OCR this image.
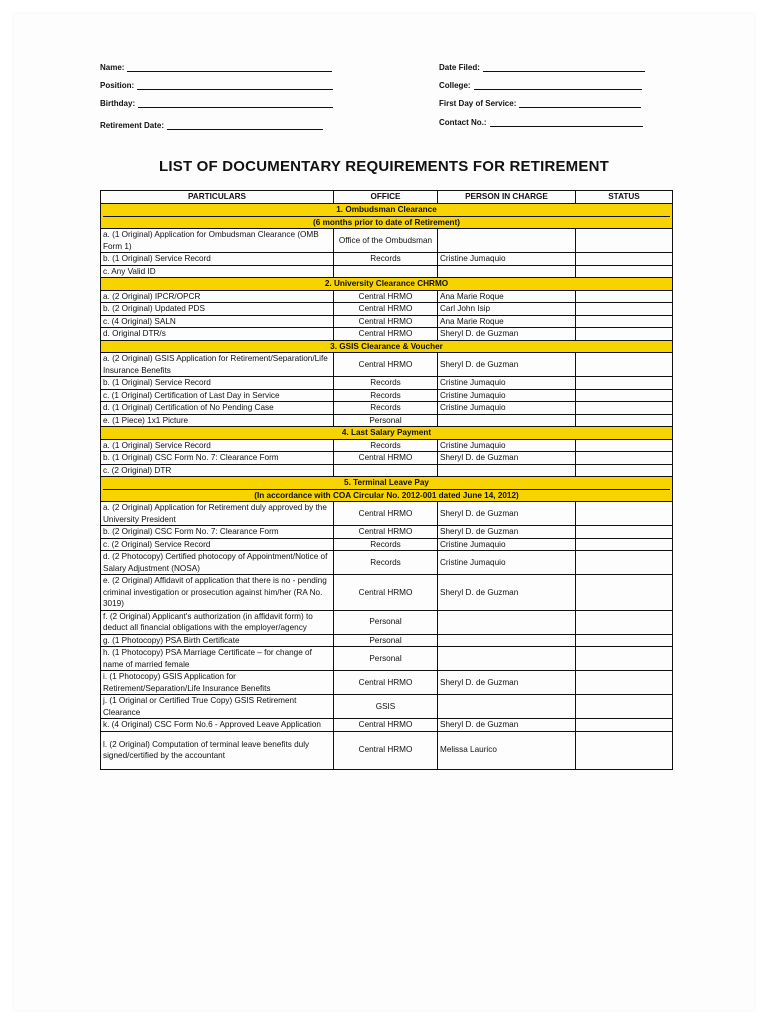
Name:
Position:
Birthday:
Retirement Date:
Date Filed:
College:
First Day of Service:
Contact No.:
LIST OF DOCUMENTARY REQUIREMENTS FOR RETIREMENT
PARTICULARS	OFFICE	PERSON IN CHARGE	STATUS

1. Ombudsman Clearance
(6 months prior to date of Retirement)			

a. (1 Original) Application for Ombudsman Clearance (OMB Form 1)	Office of the Ombudsman		
b. (1 Original) Service Record	Records	Cristine Jumaquio	
c. Any Valid ID			

2. University Clearance CHRMO			

a. (2 Original) IPCR/OPCR	Central HRMO	Ana Marie Roque	
b. (2 Original) Updated PDS	Central HRMO	Carl John Isip	
c. (4 Original) SALN	Central HRMO	Ana Marie Roque	
d. Original DTR/s	Central HRMO	Sheryl D. de Guzman	

3. GSIS Clearance & Voucher			

a. (2 Original) GSIS Application for Retirement/Separation/Life Insurance Benefits	Central HRMO	Sheryl D. de Guzman	
b. (1 Original) Service Record	Records	Cristine Jumaquio	
c. (1 Original) Certification of Last Day in Service	Records	Cristine Jumaquio	
d. (1 Original) Certification of No Pending Case	Records	Cristine Jumaquio	
e. (1 Piece) 1x1 Picture	Personal		

4. Last Salary Payment			

a. (1 Original) Service Record	Records	Cristine Jumaquio	
b. (1 Original) CSC Form No. 7: Clearance Form	Central HRMO	Sheryl D. de Guzman	
c. (2 Original) DTR			

5. Terminal Leave Pay
(In accordance with COA Circular No. 2012-001 dated June 14, 2012)			

a. (2 Original) Application for Retirement duly approved by the University President	Central HRMO	Sheryl D. de Guzman	
b. (2 Original) CSC Form No. 7: Clearance Form	Central HRMO	Sheryl D. de Guzman	
c. (2 Original) Service Record	Records	Cristine Jumaquio	
d. (2 Photocopy) Certified photocopy of Appointment/Notice of Salary Adjustment (NOSA)	Records	Cristine Jumaquio	
e. (2 Original) Affidavit of application that there is no - pending criminal investigation or prosecution against him/her (RA No. 3019)	Central HRMO	Sheryl D. de Guzman	
f. (2 Original) Applicant's authorization (in affidavit form) to deduct all financial obligations with the employer/agency	Personal		
g. (1 Photocopy) PSA Birth Certificate	Personal		
h. (1 Photocopy) PSA Marriage Certificate – for change of name of married female	Personal		
i. (1 Photocopy) GSIS Application for Retirement/Separation/Life Insurance Benefits	Central HRMO	Sheryl D. de Guzman	
j. (1 Original or Certified True Copy) GSIS Retirement Clearance	GSIS		
k. (4 Original) CSC Form No.6 - Approved Leave Application	Central HRMO	Sheryl D. de Guzman	
l. (2 Original) Computation of terminal leave benefits duly signed/certified by the accountant	Central HRMO	Melissa Laurico	
